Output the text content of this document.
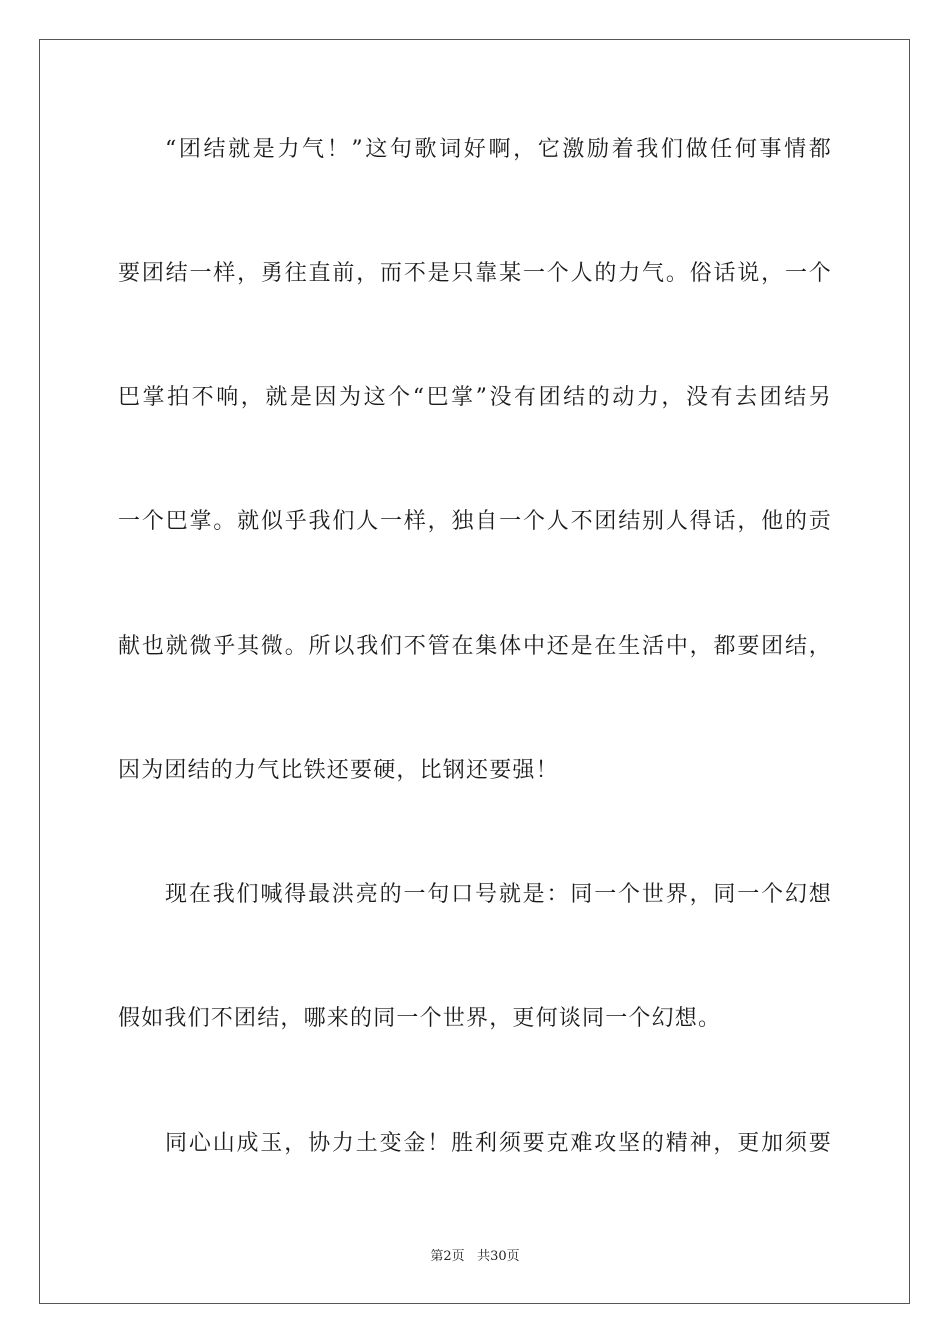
“团结就是力气！”这句歌词好啊，它激励着我们做任何事情都
要团结一样，勇往直前，而不是只靠某一个人的力气。俗话说，一个
巴掌拍不响，就是因为这个“巴掌”没有团结的动力，没有去团结另
一个巴掌。就似乎我们人一样，独自一个人不团结别人得话，他的贡
献也就微乎其微。所以我们不管在集体中还是在生活中，都要团结，
因为团结的力气比铁还要硬，比钢还要强！
现在我们喊得最洪亮的一句口号就是：同一个世界，同一个幻想
假如我们不团结，哪来的同一个世界，更何谈同一个幻想。
同心山成玉，协力土变金！胜利须要克难攻坚的精神，更加须要
第2页 共30页
